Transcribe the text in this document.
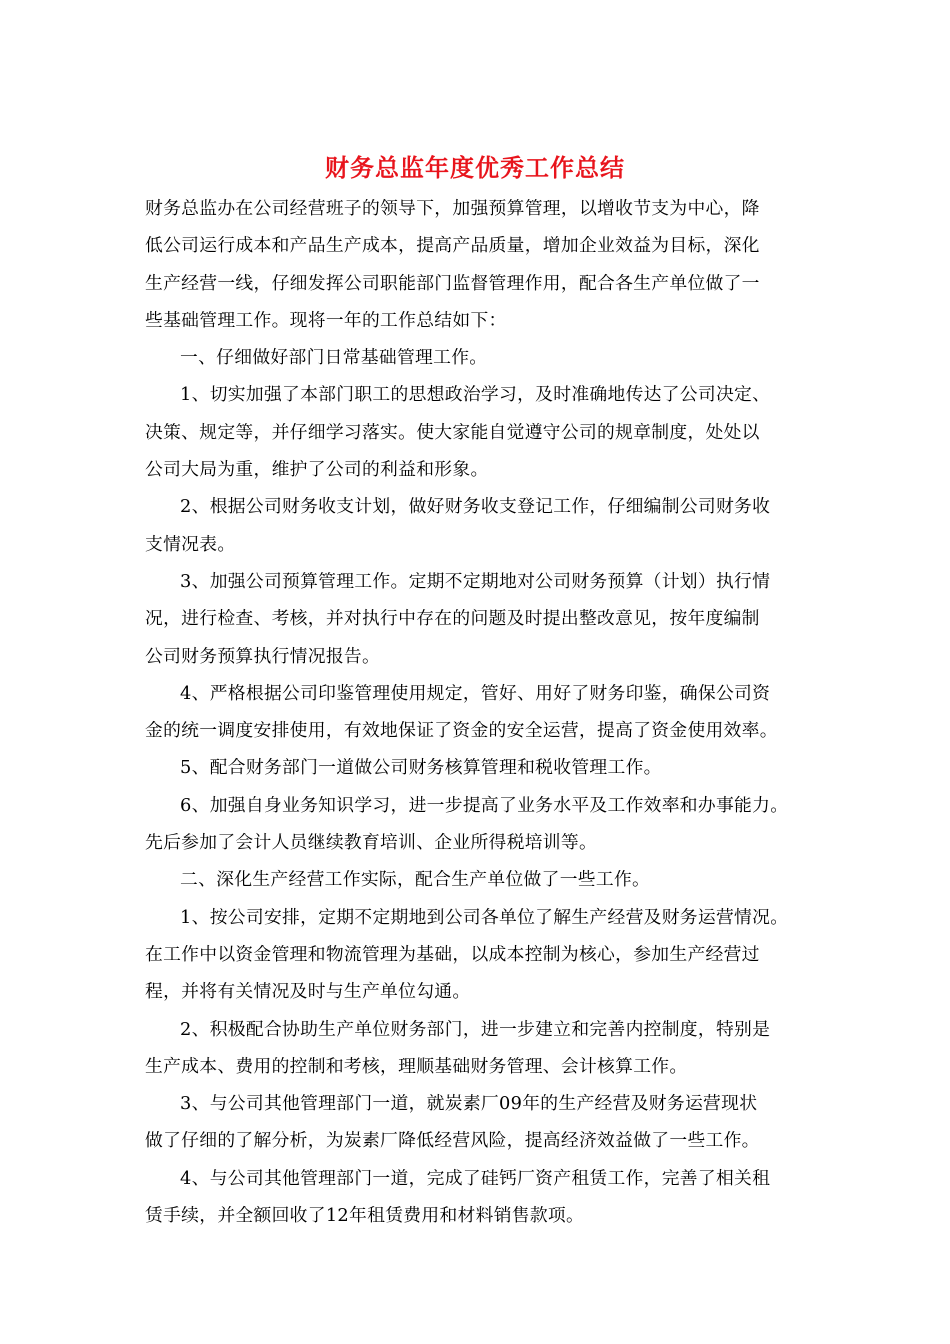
财务总监年度优秀工作总结
财务总监办在公司经营班子的领导下，加强预算管理，以增收节支为中心，降
低公司运行成本和产品生产成本，提高产品质量，增加企业效益为目标，深化
生产经营一线，仔细发挥公司职能部门监督管理作用，配合各生产单位做了一
些基础管理工作。现将一年的工作总结如下：
一、仔细做好部门日常基础管理工作。
1、切实加强了本部门职工的思想政治学习，及时准确地传达了公司决定、
决策、规定等，并仔细学习落实。使大家能自觉遵守公司的规章制度，处处以
公司大局为重，维护了公司的利益和形象。
2、根据公司财务收支计划，做好财务收支登记工作，仔细编制公司财务收
支情况表。
3、加强公司预算管理工作。定期不定期地对公司财务预算（计划）执行情
况，进行检查、考核，并对执行中存在的问题及时提出整改意见，按年度编制
公司财务预算执行情况报告。
4、严格根据公司印鉴管理使用规定，管好、用好了财务印鉴，确保公司资
金的统一调度安排使用，有效地保证了资金的安全运营，提高了资金使用效率。
5、配合财务部门一道做公司财务核算管理和税收管理工作。
6、加强自身业务知识学习，进一步提高了业务水平及工作效率和办事能力。
先后参加了会计人员继续教育培训、企业所得税培训等。
二、深化生产经营工作实际，配合生产单位做了一些工作。
1、按公司安排，定期不定期地到公司各单位了解生产经营及财务运营情况。
在工作中以资金管理和物流管理为基础，以成本控制为核心，参加生产经营过
程，并将有关情况及时与生产单位勾通。
2、积极配合协助生产单位财务部门，进一步建立和完善内控制度，特别是
生产成本、费用的控制和考核，理顺基础财务管理、会计核算工作。
3、与公司其他管理部门一道，就炭素厂09年的生产经营及财务运营现状
做了仔细的了解分析，为炭素厂降低经营风险，提高经济效益做了一些工作。
4、与公司其他管理部门一道，完成了硅钙厂资产租赁工作，完善了相关租
赁手续，并全额回收了12年租赁费用和材料销售款项。
